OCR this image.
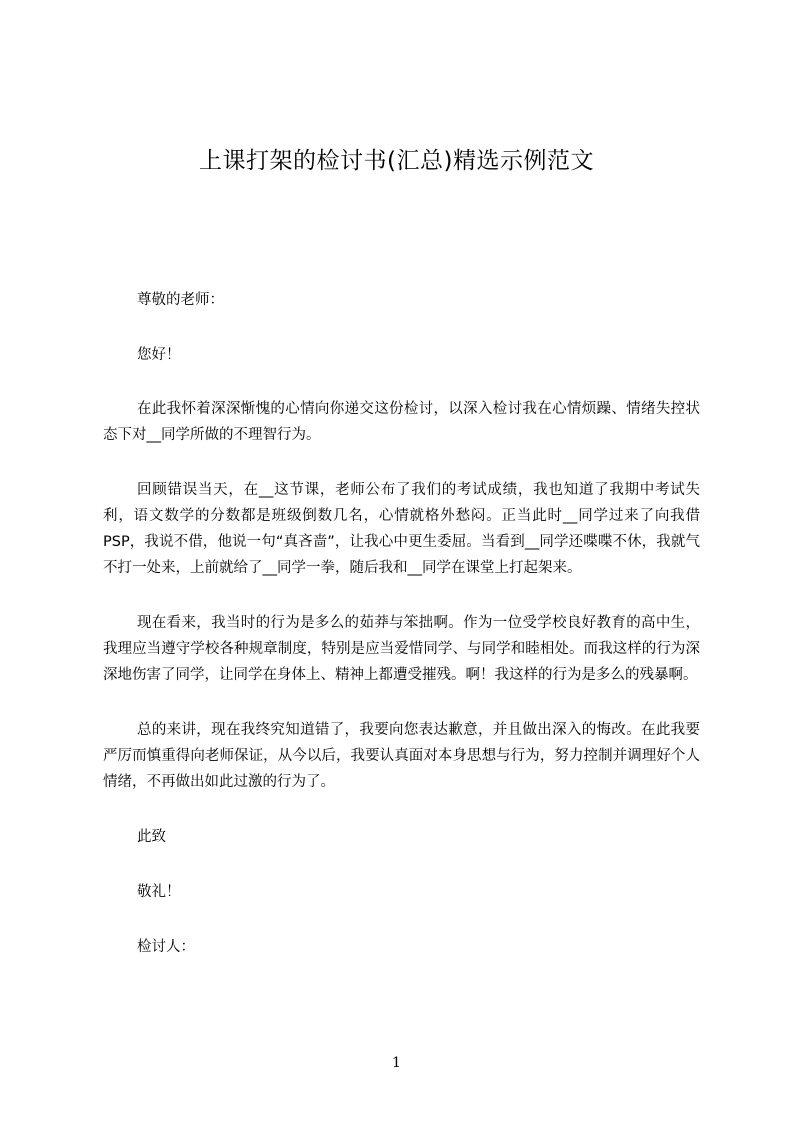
上课打架的检讨书(汇总)精选示例范文

尊敬的老师：

您好！

在此我怀着深深惭愧的心情向你递交这份检讨，以深入检讨我在心情烦躁、情绪失控状态下对__同学所做的不理智行为。

回顾错误当天，在__这节课，老师公布了我们的考试成绩，我也知道了我期中考试失利，语文数学的分数都是班级倒数几名，心情就格外愁闷。正当此时__同学过来了向我借 PSP，我说不借，他说一句“真吝啬”，让我心中更生委屈。当看到__同学还喋喋不休，我就气不打一处来，上前就给了__同学一拳，随后我和__同学在课堂上打起架来。

现在看来，我当时的行为是多么的茹莽与笨拙啊。作为一位受学校良好教育的高中生，我理应当遵守学校各种规章制度，特别是应当爱惜同学、与同学和睦相处。而我这样的行为深深地伤害了同学，让同学在身体上、精神上都遭受摧残。啊！我这样的行为是多么的残暴啊。

总的来讲，现在我终究知道错了，我要向您表达歉意，并且做出深入的悔改。在此我要严厉而慎重得向老师保证，从今以后，我要认真面对本身思想与行为，努力控制并调理好个人情绪，不再做出如此过激的行为了。

此致

敬礼！

检讨人：

1
